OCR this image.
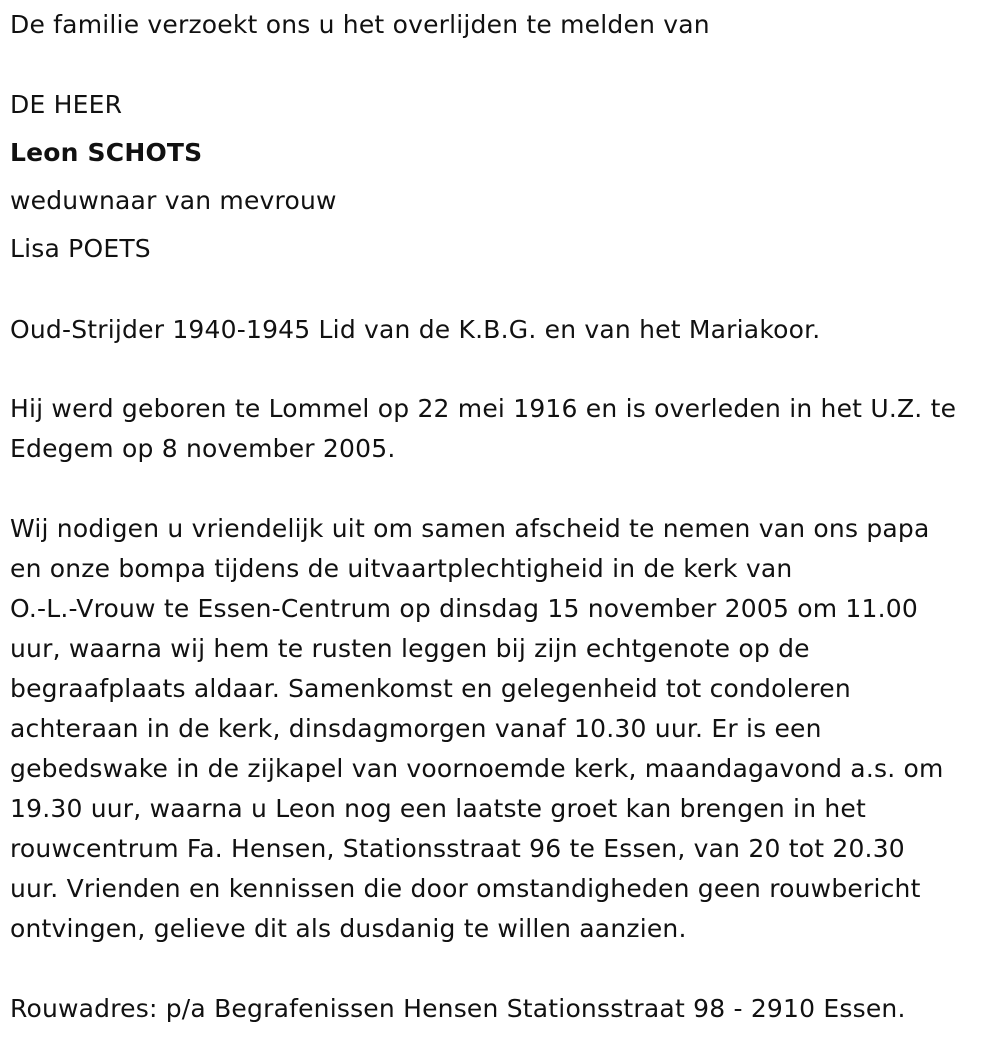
De familie verzoekt ons u het overlijden te melden van
DE HEER
Leon SCHOTS
weduwnaar van mevrouw
Lisa POETS
Oud-Strijder 1940-1945 Lid van de K.B.G. en van het Mariakoor.
Hij werd geboren te Lommel op 22 mei 1916 en is overleden in het U.Z. te
Edegem op 8 november 2005.
Wij nodigen u vriendelijk uit om samen afscheid te nemen van ons papa
en onze bompa tijdens de uitvaartplechtigheid in de kerk van
O.-L.-Vrouw te Essen-Centrum op dinsdag 15 november 2005 om 11.00
uur, waarna wij hem te rusten leggen bij zijn echtgenote op de
begraafplaats aldaar. Samenkomst en gelegenheid tot condoleren
achteraan in de kerk, dinsdagmorgen vanaf 10.30 uur. Er is een
gebedswake in de zijkapel van voornoemde kerk, maandagavond a.s. om
19.30 uur, waarna u Leon nog een laatste groet kan brengen in het
rouwcentrum Fa. Hensen, Stationsstraat 96 te Essen, van 20 tot 20.30
uur. Vrienden en kennissen die door omstandigheden geen rouwbericht
ontvingen, gelieve dit als dusdanig te willen aanzien.
Rouwadres: p/a Begrafenissen Hensen Stationsstraat 98 - 2910 Essen.
